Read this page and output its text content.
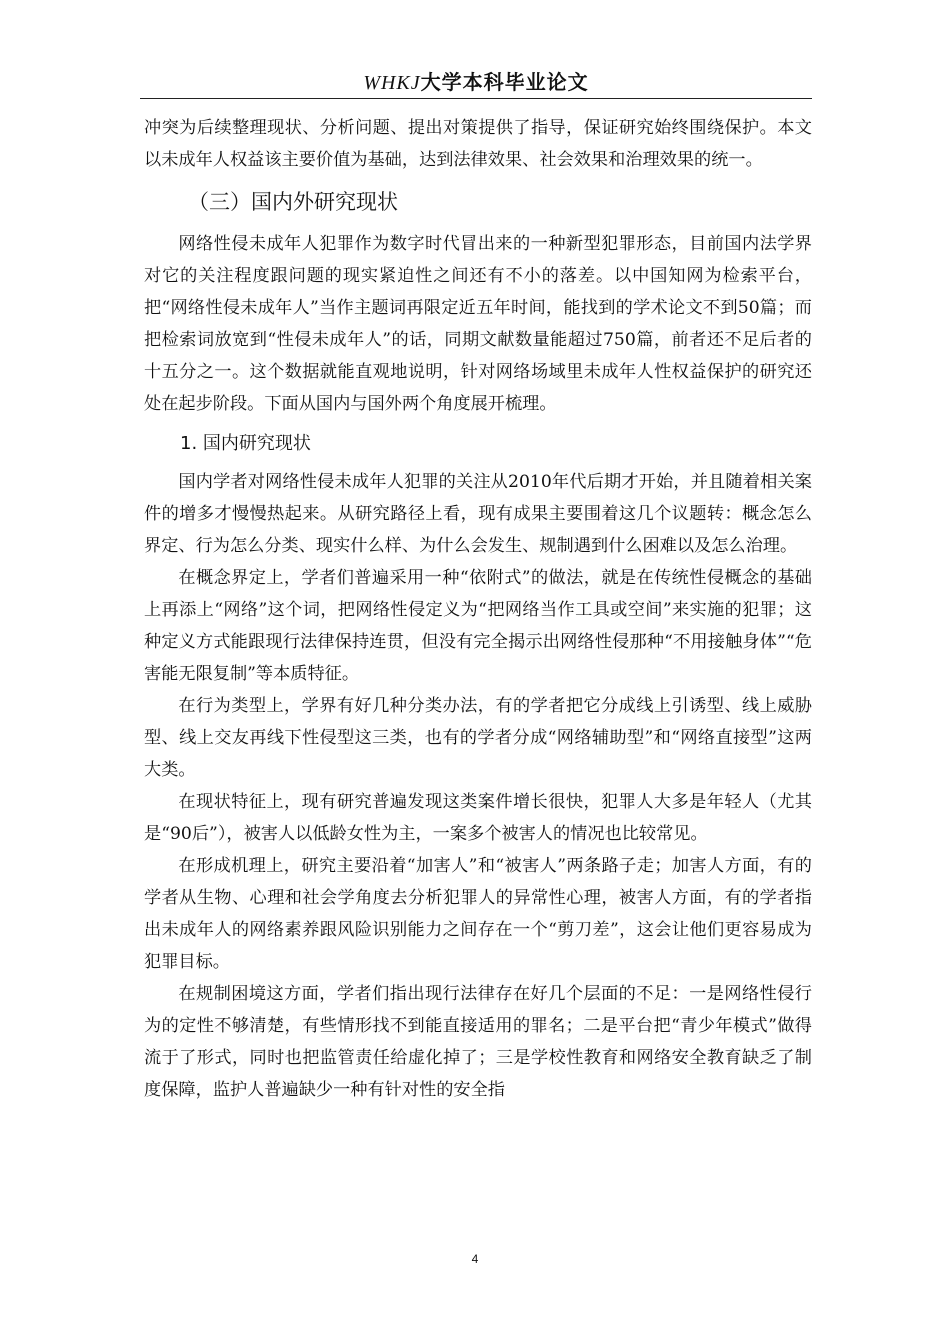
WHKJ大学本科毕业论文

冲突为后续整理现状、分析问题、提出对策提供了指导，保证研究始终围绕保护。本文以未成年人权益该主要价值为基础，达到法律效果、社会效果和治理效果的统一。

（三）国内外研究现状

网络性侵未成年人犯罪作为数字时代冒出来的一种新型犯罪形态，目前国内法学界对它的关注程度跟问题的现实紧迫性之间还有不小的落差。以中国知网为检索平台，把“网络性侵未成年人”当作主题词再限定近五年时间，能找到的学术论文不到50篇；而把检索词放宽到“性侵未成年人”的话，同期文献数量能超过750篇，前者还不足后者的十五分之一。这个数据就能直观地说明，针对网络场域里未成年人性权益保护的研究还处在起步阶段。下面从国内与国外两个角度展开梳理。

1. 国内研究现状

国内学者对网络性侵未成年人犯罪的关注从2010年代后期才开始，并且随着相关案件的增多才慢慢热起来。从研究路径上看，现有成果主要围着这几个议题转：概念怎么界定、行为怎么分类、现实什么样、为什么会发生、规制遇到什么困难以及怎么治理。

在概念界定上，学者们普遍采用一种“依附式”的做法，就是在传统性侵概念的基础上再添上“网络”这个词，把网络性侵定义为“把网络当作工具或空间”来实施的犯罪；这种定义方式能跟现行法律保持连贯，但没有完全揭示出网络性侵那种“不用接触身体”“危害能无限复制”等本质特征。

在行为类型上，学界有好几种分类办法，有的学者把它分成线上引诱型、线上威胁型、线上交友再线下性侵型这三类，也有的学者分成“网络辅助型”和“网络直接型”这两大类。

在现状特征上，现有研究普遍发现这类案件增长很快，犯罪人大多是年轻人（尤其是“90后”），被害人以低龄女性为主，一案多个被害人的情况也比较常见。

在形成机理上，研究主要沿着“加害人”和“被害人”两条路子走；加害人方面，有的学者从生物、心理和社会学角度去分析犯罪人的异常性心理，被害人方面，有的学者指出未成年人的网络素养跟风险识别能力之间存在一个“剪刀差”，这会让他们更容易成为犯罪目标。

在规制困境这方面，学者们指出现行法律存在好几个层面的不足：一是网络性侵行为的定性不够清楚，有些情形找不到能直接适用的罪名；二是平台把“青少年模式”做得流于了形式，同时也把监管责任给虚化掉了；三是学校性教育和网络安全教育缺乏了制度保障，监护人普遍缺少一种有针对性的安全指

4
